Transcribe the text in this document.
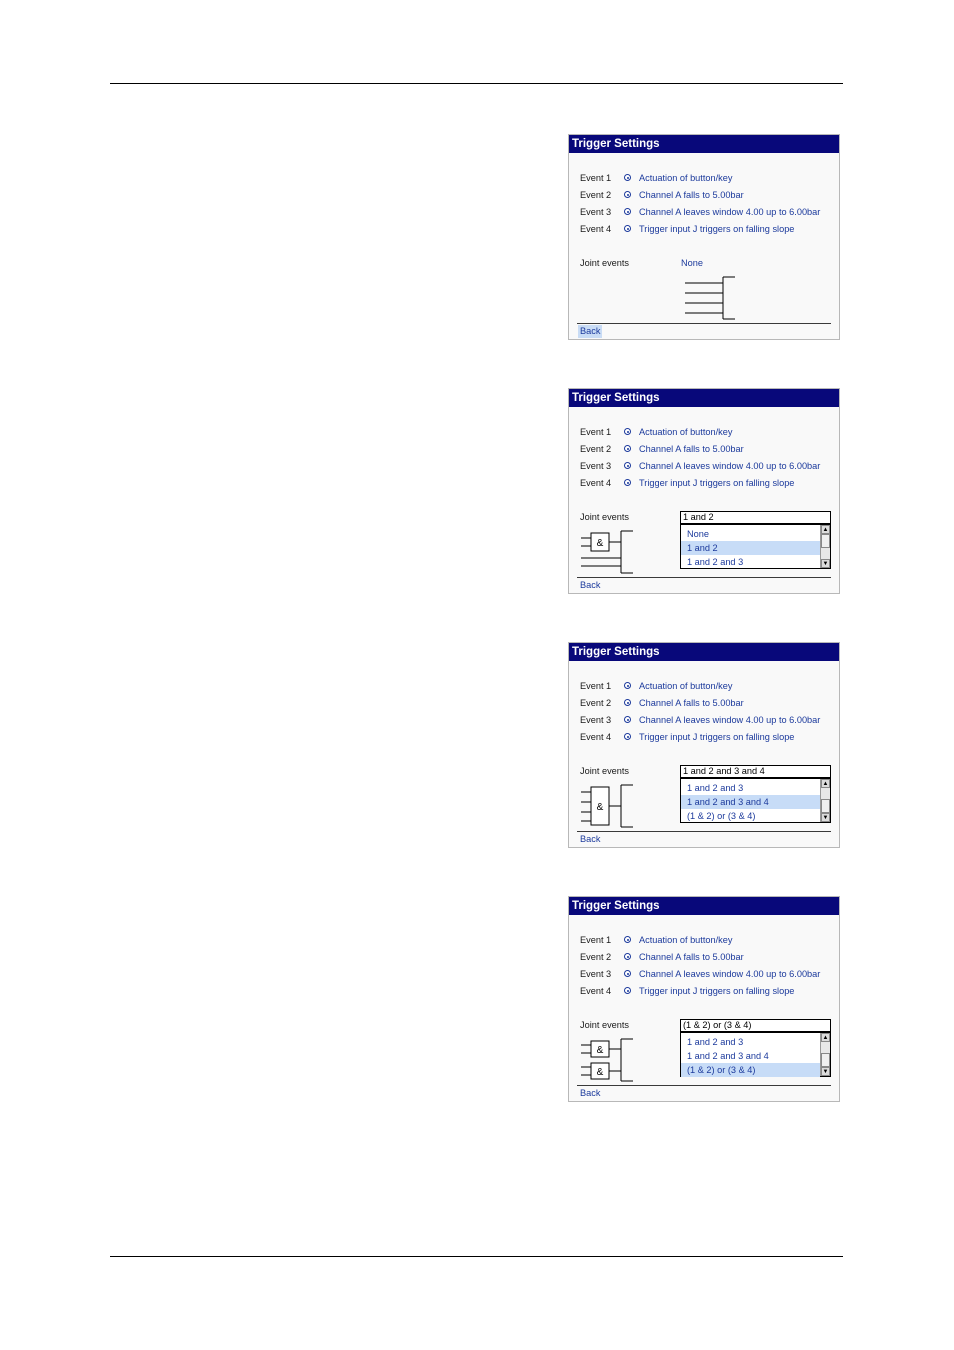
Trigger Settings
Event 1	Actuation of button/key
Event 2	Channel A falls to 5.00bar
Event 3	Channel A leaves window 4.00 up to 6.00bar
Event 4	Trigger input J triggers on falling slope
Joint events	None
Back
Trigger Settings
Event 1	Actuation of button/key
Event 2	Channel A falls to 5.00bar
Event 3	Channel A leaves window 4.00 up to 6.00bar
Event 4	Trigger input J triggers on falling slope
Joint events	1 and 2
None
1 and 2
1 and 2 and 3
▲
▼
&
Back
Trigger Settings
Event 1	Actuation of button/key
Event 2	Channel A falls to 5.00bar
Event 3	Channel A leaves window 4.00 up to 6.00bar
Event 4	Trigger input J triggers on falling slope
Joint events	1 and 2 and 3 and 4
1 and 2 and 3
1 and 2 and 3 and 4
(1 & 2) or (3 & 4)
▲
▼
&
Back
Trigger Settings
Event 1	Actuation of button/key
Event 2	Channel A falls to 5.00bar
Event 3	Channel A leaves window 4.00 up to 6.00bar
Event 4	Trigger input J triggers on falling slope
Joint events	(1 & 2) or (3 & 4)
1 and 2 and 3
1 and 2 and 3 and 4
(1 & 2) or (3 & 4)
▲
▼
&
&
Back
